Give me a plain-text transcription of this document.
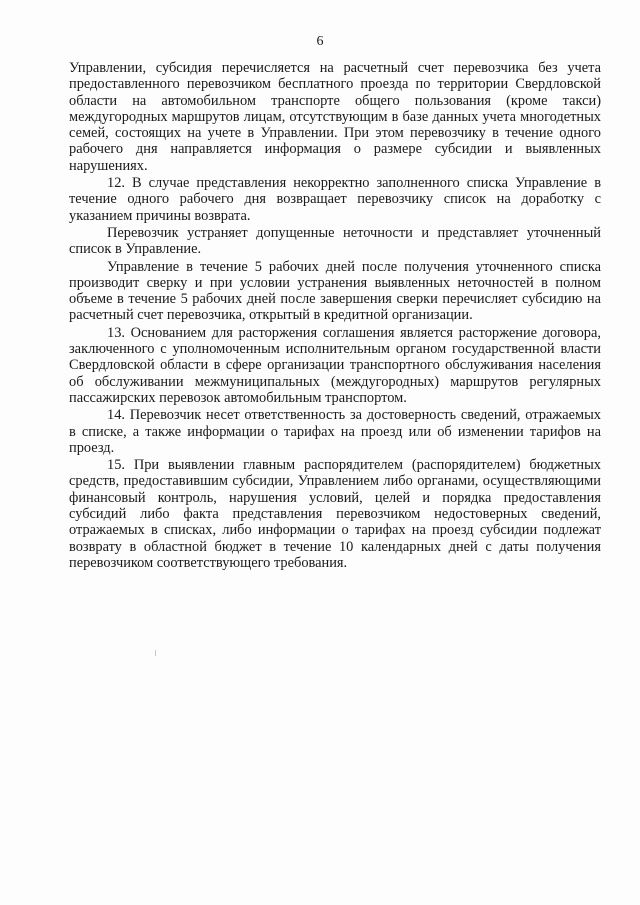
6

Управлении, субсидия перечисляется на расчетный счет перевозчика без учета предоставленного перевозчиком бесплатного проезда по территории Свердловской области на автомобильном транспорте общего пользования (кроме такси) междугородных маршрутов лицам, отсутствующим в базе данных учета многодетных семей, состоящих на учете в Управлении. При этом перевозчику в течение одного рабочего дня направляется информация о размере субсидии и выявленных нарушениях.

12. В случае представления некорректно заполненного списка Управление в течение одного рабочего дня возвращает перевозчику список на доработку с указанием причины возврата.

Перевозчик устраняет допущенные неточности и представляет уточненный список в Управление.

Управление в течение 5 рабочих дней после получения уточненного списка производит сверку и при условии устранения выявленных неточностей в полном объеме в течение 5 рабочих дней после завершения сверки перечисляет субсидию на расчетный счет перевозчика, открытый в кредитной организации.

13. Основанием для расторжения соглашения является расторжение договора, заключенного с уполномоченным исполнительным органом государственной власти Свердловской области в сфере организации транспортного обслуживания населения об обслуживании межмуниципальных (междугородных) маршрутов регулярных пассажирских перевозок автомобильным транспортом.

14. Перевозчик несет ответственность за достоверность сведений, отражаемых в списке, а также информации о тарифах на проезд или об изменении тарифов на проезд.

15. При выявлении главным распорядителем (распорядителем) бюджетных средств, предоставившим субсидии, Управлением либо органами, осуществляющими финансовый контроль, нарушения условий, целей и порядка предоставления субсидий либо факта представления перевозчиком недостоверных сведений, отражаемых в списках, либо информации о тарифах на проезд субсидии подлежат возврату в областной бюджет в течение 10 календарных дней с даты получения перевозчиком соответствующего требования.
